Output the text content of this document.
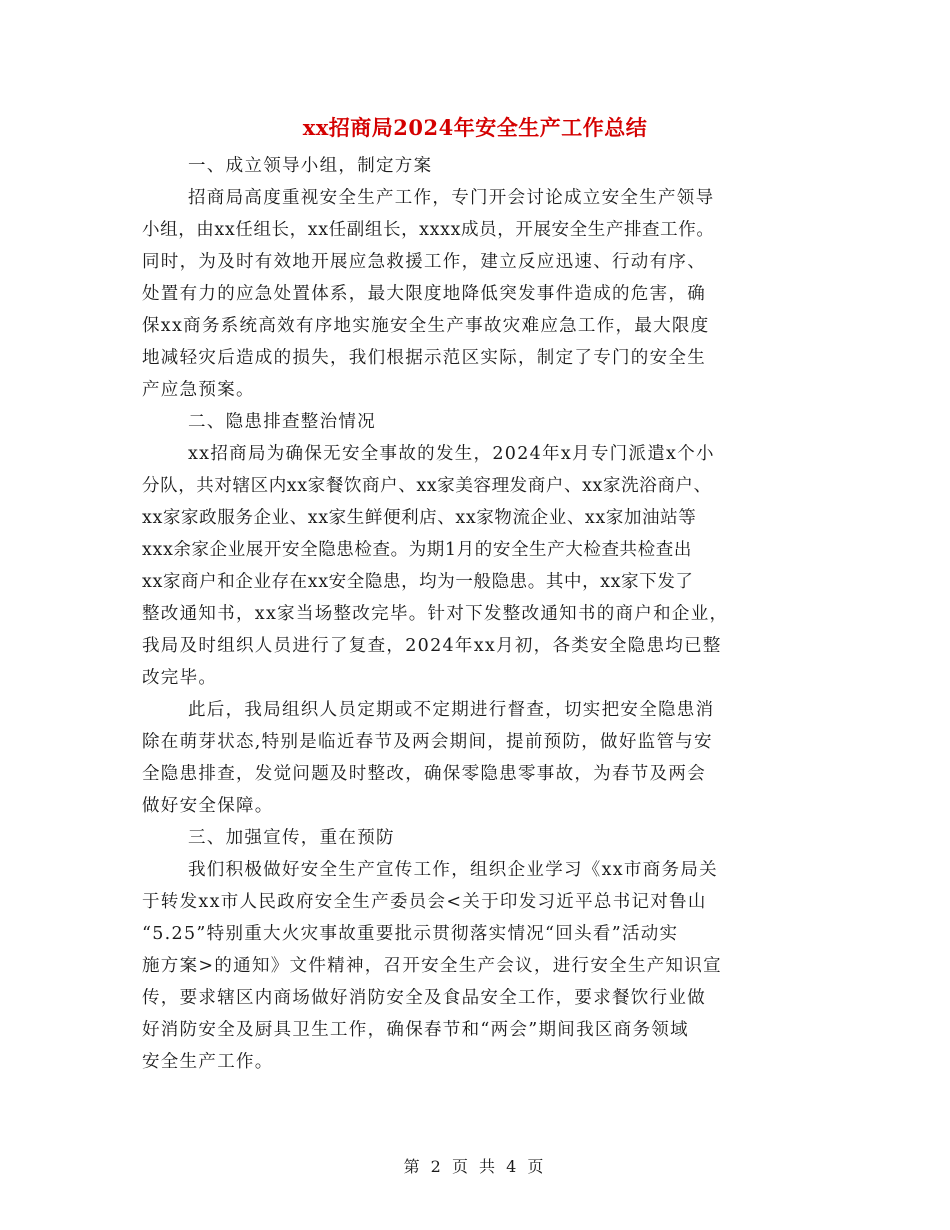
xx招商局2024年安全生产工作总结
一、成立领导小组，制定方案
招商局高度重视安全生产工作，专门开会讨论成立安全生产领导
小组，由xx任组长，xx任副组长，xxxx成员，开展安全生产排查工作。
同时，为及时有效地开展应急救援工作，建立反应迅速、行动有序、
处置有力的应急处置体系，最大限度地降低突发事件造成的危害，确
保xx商务系统高效有序地实施安全生产事故灾难应急工作，最大限度
地减轻灾后造成的损失，我们根据示范区实际，制定了专门的安全生
产应急预案。
二、隐患排查整治情况
xx招商局为确保无安全事故的发生，2024年x月专门派遣x个小
分队，共对辖区内xx家餐饮商户、xx家美容理发商户、xx家洗浴商户、
xx家家政服务企业、xx家生鲜便利店、xx家物流企业、xx家加油站等
xxx余家企业展开安全隐患检查。为期1月的安全生产大检查共检查出
xx家商户和企业存在xx安全隐患，均为一般隐患。其中，xx家下发了
整改通知书，xx家当场整改完毕。针对下发整改通知书的商户和企业，
我局及时组织人员进行了复查，2024年xx月初，各类安全隐患均已整
改完毕。
此后，我局组织人员定期或不定期进行督查，切实把安全隐患消
除在萌芽状态,特别是临近春节及两会期间，提前预防，做好监管与安
全隐患排查，发觉问题及时整改，确保零隐患零事故，为春节及两会
做好安全保障。
三、加强宣传，重在预防
我们积极做好安全生产宣传工作，组织企业学习《xx市商务局关
于转发xx市人民政府安全生产委员会<关于印发习近平总书记对鲁山
“5.25”特别重大火灾事故重要批示贯彻落实情况“回头看”活动实
施方案>的通知》文件精神，召开安全生产会议，进行安全生产知识宣
传，要求辖区内商场做好消防安全及食品安全工作，要求餐饮行业做
好消防安全及厨具卫生工作，确保春节和“两会”期间我区商务领域
安全生产工作。
第 2 页 共 4 页
